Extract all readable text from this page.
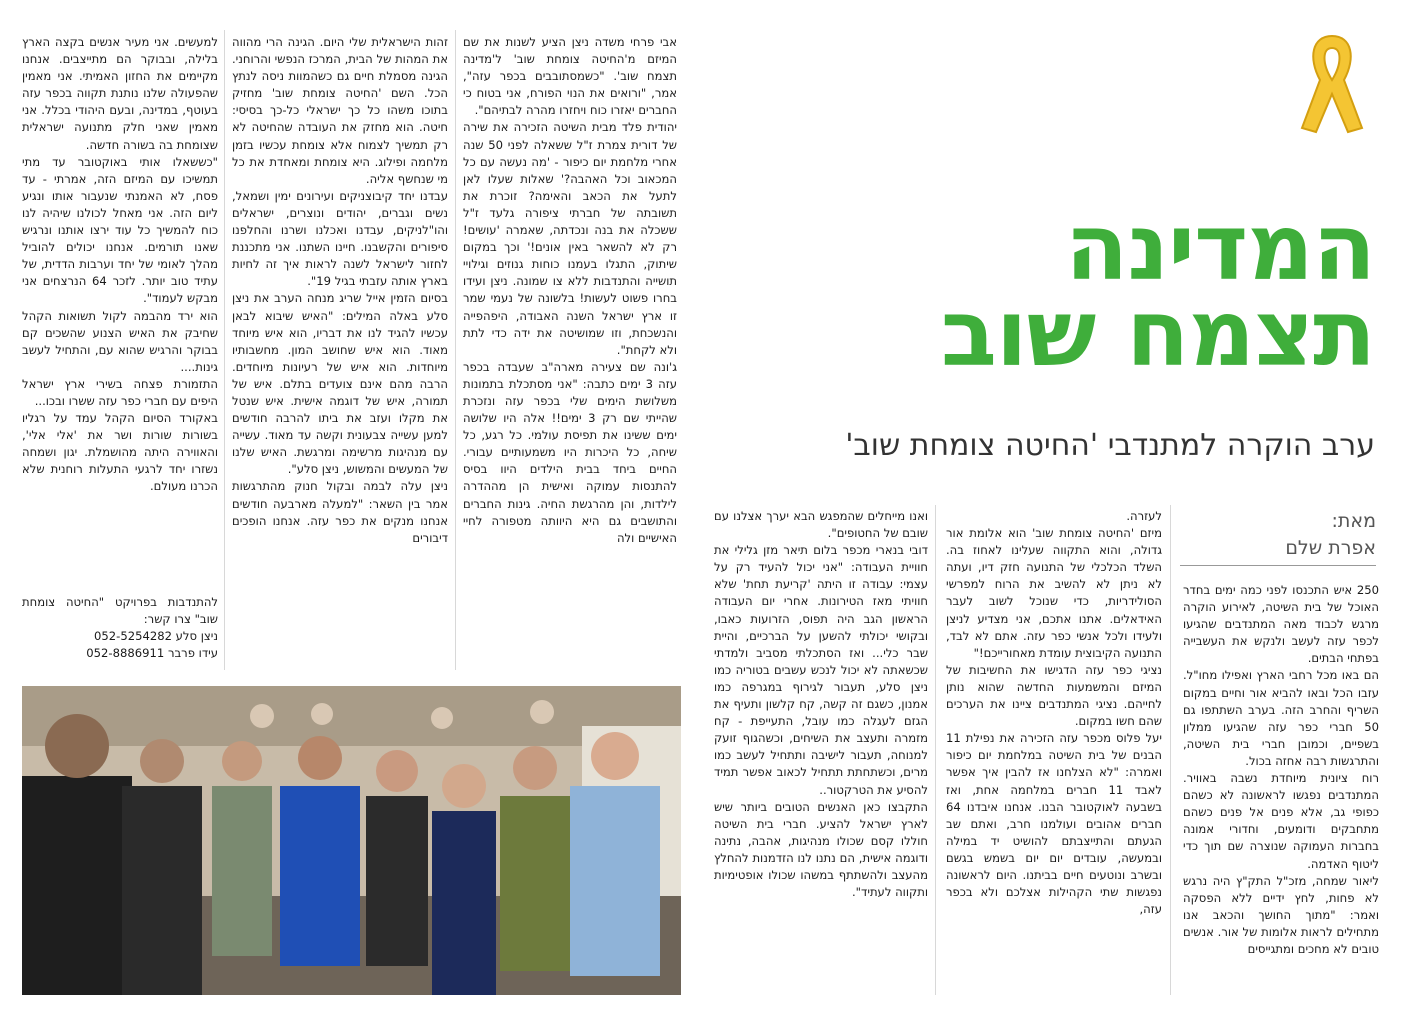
המדינה
תצמח שוב
ערב הוקרה למתנדבי 'החיטה צומחת שוב'
מאת:
אפרת שלם

250 איש התכנסו לפני כמה ימים בחדר האוכל של בית השיטה, לאירוע הוקרה מרגש לכבוד מאה המתנדבים שהגיעו לכפר עזה לעשב ולנקש את העשבייה בפתחי הבתים.

הם באו מכל רחבי הארץ ואפילו מחו"ל. עזבו הכל ובאו להביא אור וחיים במקום השריף והחרב הזה. בערב השתתפו גם 50 חברי כפר עזה שהגיעו ממלון בשפיים, וכמובן חברי בית השיטה, והתרגשות רבה אחזה בכול.

רוח ציונית מיוחדת נשבה באוויר. המתנדבים נפגשו לראשונה לא כשהם כפופי גב, אלא פנים אל פנים כשהם מתחבקים ודומעים, וחדורי אמונה בחברות העמוקה שנוצרה שם תוך כדי ליטוף האדמה.

ליאור שמחה, מזכ"ל התק"ץ היה נרגש לא פחות, לחץ ידיים ללא הפסקה ואמר: "מתוך החושך והכאב אנו מתחילים לראות אלומות של אור. אנשים טובים לא מחכים ומתגייסים

לעזרה.

מיזם 'החיטה צומחת שוב' הוא אלומת אור גדולה, והוא התקווה שעלינו לאחוז בה. השלד הכלכלי של התנועה חזק דיו, ועתה לא ניתן לא להשיב את הרוח למפרשי הסולידריות, כדי שנוכל לשוב לעבר האידאלים. אתנו אתכם, אני מצדיע לניצן ולעידו ולכל אנשי כפר עזה. אתם לא לבד, התנועה הקיבוצית עומדת מאחורייכם!"

נציגי כפר עזה הדגישו את החשיבות של המיזם והמשמעות החדשה שהוא נותן לחייהם. נציגי המתנדבים ציינו את הערכים שהם חשו במקום.

יעל פלוס מכפר עזה הזכירה את נפילת 11 הבנים של בית השיטה במלחמת יום כיפור ואמרה: "לא הצלחנו אז להבין איך אפשר לאבד 11 חברים במלחמה אחת, ואז בשבעה לאוקטובר הבנו. אנחנו איבדנו 64 חברים אהובים ועולמנו חרב, ואתם שב הגעתם והתייצבתם להושיט יד במילה ובמעשה, עובדים יום יום בשמש בגשם ובשרב ונוטעים חיים בביתנו. היום לראשונה נפגשות שתי הקהילות אצלכם ולא בכפר עזה,

ואנו מייחלים שהמפגש הבא יערך אצלנו עם שובם של החטופים".

דובי בנארי מכפר בלום תיאר מזן גלילי את חוויית העבודה: "אני יכול להעיד רק על עצמי: עבודה זו היתה 'קריעת תחת' שלא חוויתי מאז הטירונות. אחרי יום העבודה הראשון הגב היה תפוס, הזרועות כאבו, ובקושי יכולתי להשען על הברכיים, והיית שבר כלי... ואז הסתכלתי מסביב ולמדתי שכשאתה לא יכול לנכש עשבים בטוריה כמו ניצן סלע, תעבור לגירוף במגרפה כמו אמנון, כשגם זה קשה, קח קלשון ותעיף את הגזם לעגלה כמו עובל, התעייפת - קח מזמרה ותעצב את השיחים, וכשהגוף זועק למנוחה, תעבור לישיבה ותתחיל לעשב כמו מרים, וכשתחתת תתחיל לכאוב אפשר תמיד להסיע את הטרקטור..

התקבצו כאן האנשים הטובים ביותר שיש לארץ ישראל להציע. חברי בית השיטה חוללו קסם שכולו מנהיגות, אהבה, נתינה ודוגמה אישית, הם נתנו לנו הזדמנות להחלץ מהעצב ולהשתתף במשהו שכולו אופטימיות ותקווה לעתיד".

אבי פרחי משדה ניצן הציע לשנות את שם המיזם מ'החיטה צומחת שוב' ל'מדינה תצמח שוב'. "כשמסתובבים בכפר עזה", אמר, "ורואים את הנוי הפורח, אני בטוח כי החברים יאזרו כוח ויחזרו מהרה לבתיהם".

יהודית פלד מבית השיטה הזכירה את שירה של דורית צמרת ז"ל ששאלה לפני 50 שנה אחרי מלחמת יום כיפור - 'מה נעשה עם כל המכאוב וכל האהבה?' שאלות שעלו לאן לתעל את הכאב והאימה? זוכרת את תשובתה של חברתי ציפורה גלעד ז"ל ששכלה את בנה ונכדתה, שאמרה 'עושים! רק לא להשאר באין אונים!' וכך במקום שיתוק, התגלו בעמנו כוחות גנוזים וגילויי תושייה והתנדבות ללא צו שמונה. ניצן ועידו בחרו פשוט לעשות! בלשונה של נעמי שמר זו ארץ ישראל השנה האבודה, היפהפייה והנשכחת, וזו שמושיטה את ידה כדי לתת ולא לקחת".

ג'ונה שם צעירה מארה"ב שעבדה בכפר עזה 3 ימים כתבה: "אני מסתכלת בתמונות משלושת הימים שלי בכפר עזה ונזכרת שהייתי שם רק 3 ימים!! אלה היו שלושה ימים ששינו את תפיסת עולמי. כל רגע, כל שיחה, כל היכרות היו משמעותיים עבורי. החיים ביחד בבית הילדים היוו בסיס להתנסות עמוקה ואישית הן מההדרה לילדות, והן מהרגשת החיה. גינות החברים והתושבים גם היא היוותה מטפורה לחיי האישיים ולה

זהות הישראלית שלי היום. הגינה הרי מהווה את המהות של הבית, המרכז הנפשי והרוחני. הגינה מסמלת חיים גם כשהמוות ניסה לנתץ הכל. השם 'החיטה צומחת שוב' מחזיק בתוכו משהו כל כך ישראלי כל-כך בסיסי: חיטה. הוא מחזק את העובדה שהחיטה לא רק תמשיך לצמוח אלא צומחת עכשיו בזמן מלחמה ופילוג. היא צומחת ומאחדת את כל מי שנחשף אליה.

עבדנו יחד קיבוצניקים ועירונים ימין ושמאל, נשים וגברים, יהודים ונוצרים, ישראלים והו"לניקים, עבדנו ואכלנו ושרנו והחלפנו סיפורים והקשבנו. חיינו השתנו. אני מתכננת לחזור לישראל לשנה לראות איך זה לחיות בארץ אותה עזבתי בגיל 19".

בסיום הזמין אייל שריג מנחה הערב את ניצן סלע באלה המילים: "האיש שיבוא לבאן עכשיו להגיד לנו את דבריו, הוא איש מיוחד מאוד. הוא איש שחושב המון. מחשבותיו מיוחדות. הוא איש של רעיונות מיוחדים. הרבה מהם אינם צועדים בתלם. איש של תמורה, איש של דוגמה אישית. איש שנטל את מקלו ועזב את ביתו להרבה חודשים למען עשייה צבעונית וקשה עד מאוד. עשייה עם מנהיגות מרשימה ומרגשת. האיש שלנו של המעשים והמשוש, ניצן סלע".

ניצן עלה לבמה ובקול חנוק מהתרגשות אמר בין השאר: "למעלה מארבעה חודשים אנחנו מנקים את כפר עזה. אנחנו הופכים דיבורים

למעשים. אני מעיר אנשים בקצה הארץ בלילה, ובבוקר הם מתייצבים. אנחנו מקיימים את החזון האמיתי. אני מאמין שהפעולה שלנו נותנת תקווה בכפר עזה בעוטף, במדינה, ובעם היהודי בכלל. אני מאמין שאני חלק מתנועה ישראלית שצומחת בה בשורה חדשה.

"כששאלו אותי באוקטובר עד מתי תמשיכו עם המיזם הזה, אמרתי - עד פסח, לא האמנתי שנעבור אותו ונגיע ליום הזה. אני מאחל לכולנו שיהיה לנו כוח להמשיך כל עוד ירצו אותנו ונרגיש שאנו תורמים. אנחנו יכולים להוביל מהלך לאומי של יחד וערבות הדדית, של עתיד טוב יותר. לזכר 64 הנרצחים אני מבקש לעמוד".

הוא ירד מהבמה לקול תשואות הקהל שחיבק את האיש הצנוע שהשכים קם בבוקר והרגיש שהוא עם, והתחיל לעשב גינות....

התזמורת פצחה בשירי ארץ ישראל היפים עם חברי כפר עזה ששרו ובכו...

באקורד הסיום הקהל עמד על רגליו בשורות שורות ושר את 'אלי אלי', והאווירה היתה מהושמלת. יגון ושמחה נשזרו יחד לרגעי התעלות רוחנית שלא הכרנו מעולם.

להתנדבות בפרויקט "החיטה צומחת שוב" צרו קשר:

ניצן סלע 052-5254282

עידו פרבר 052-8886911
